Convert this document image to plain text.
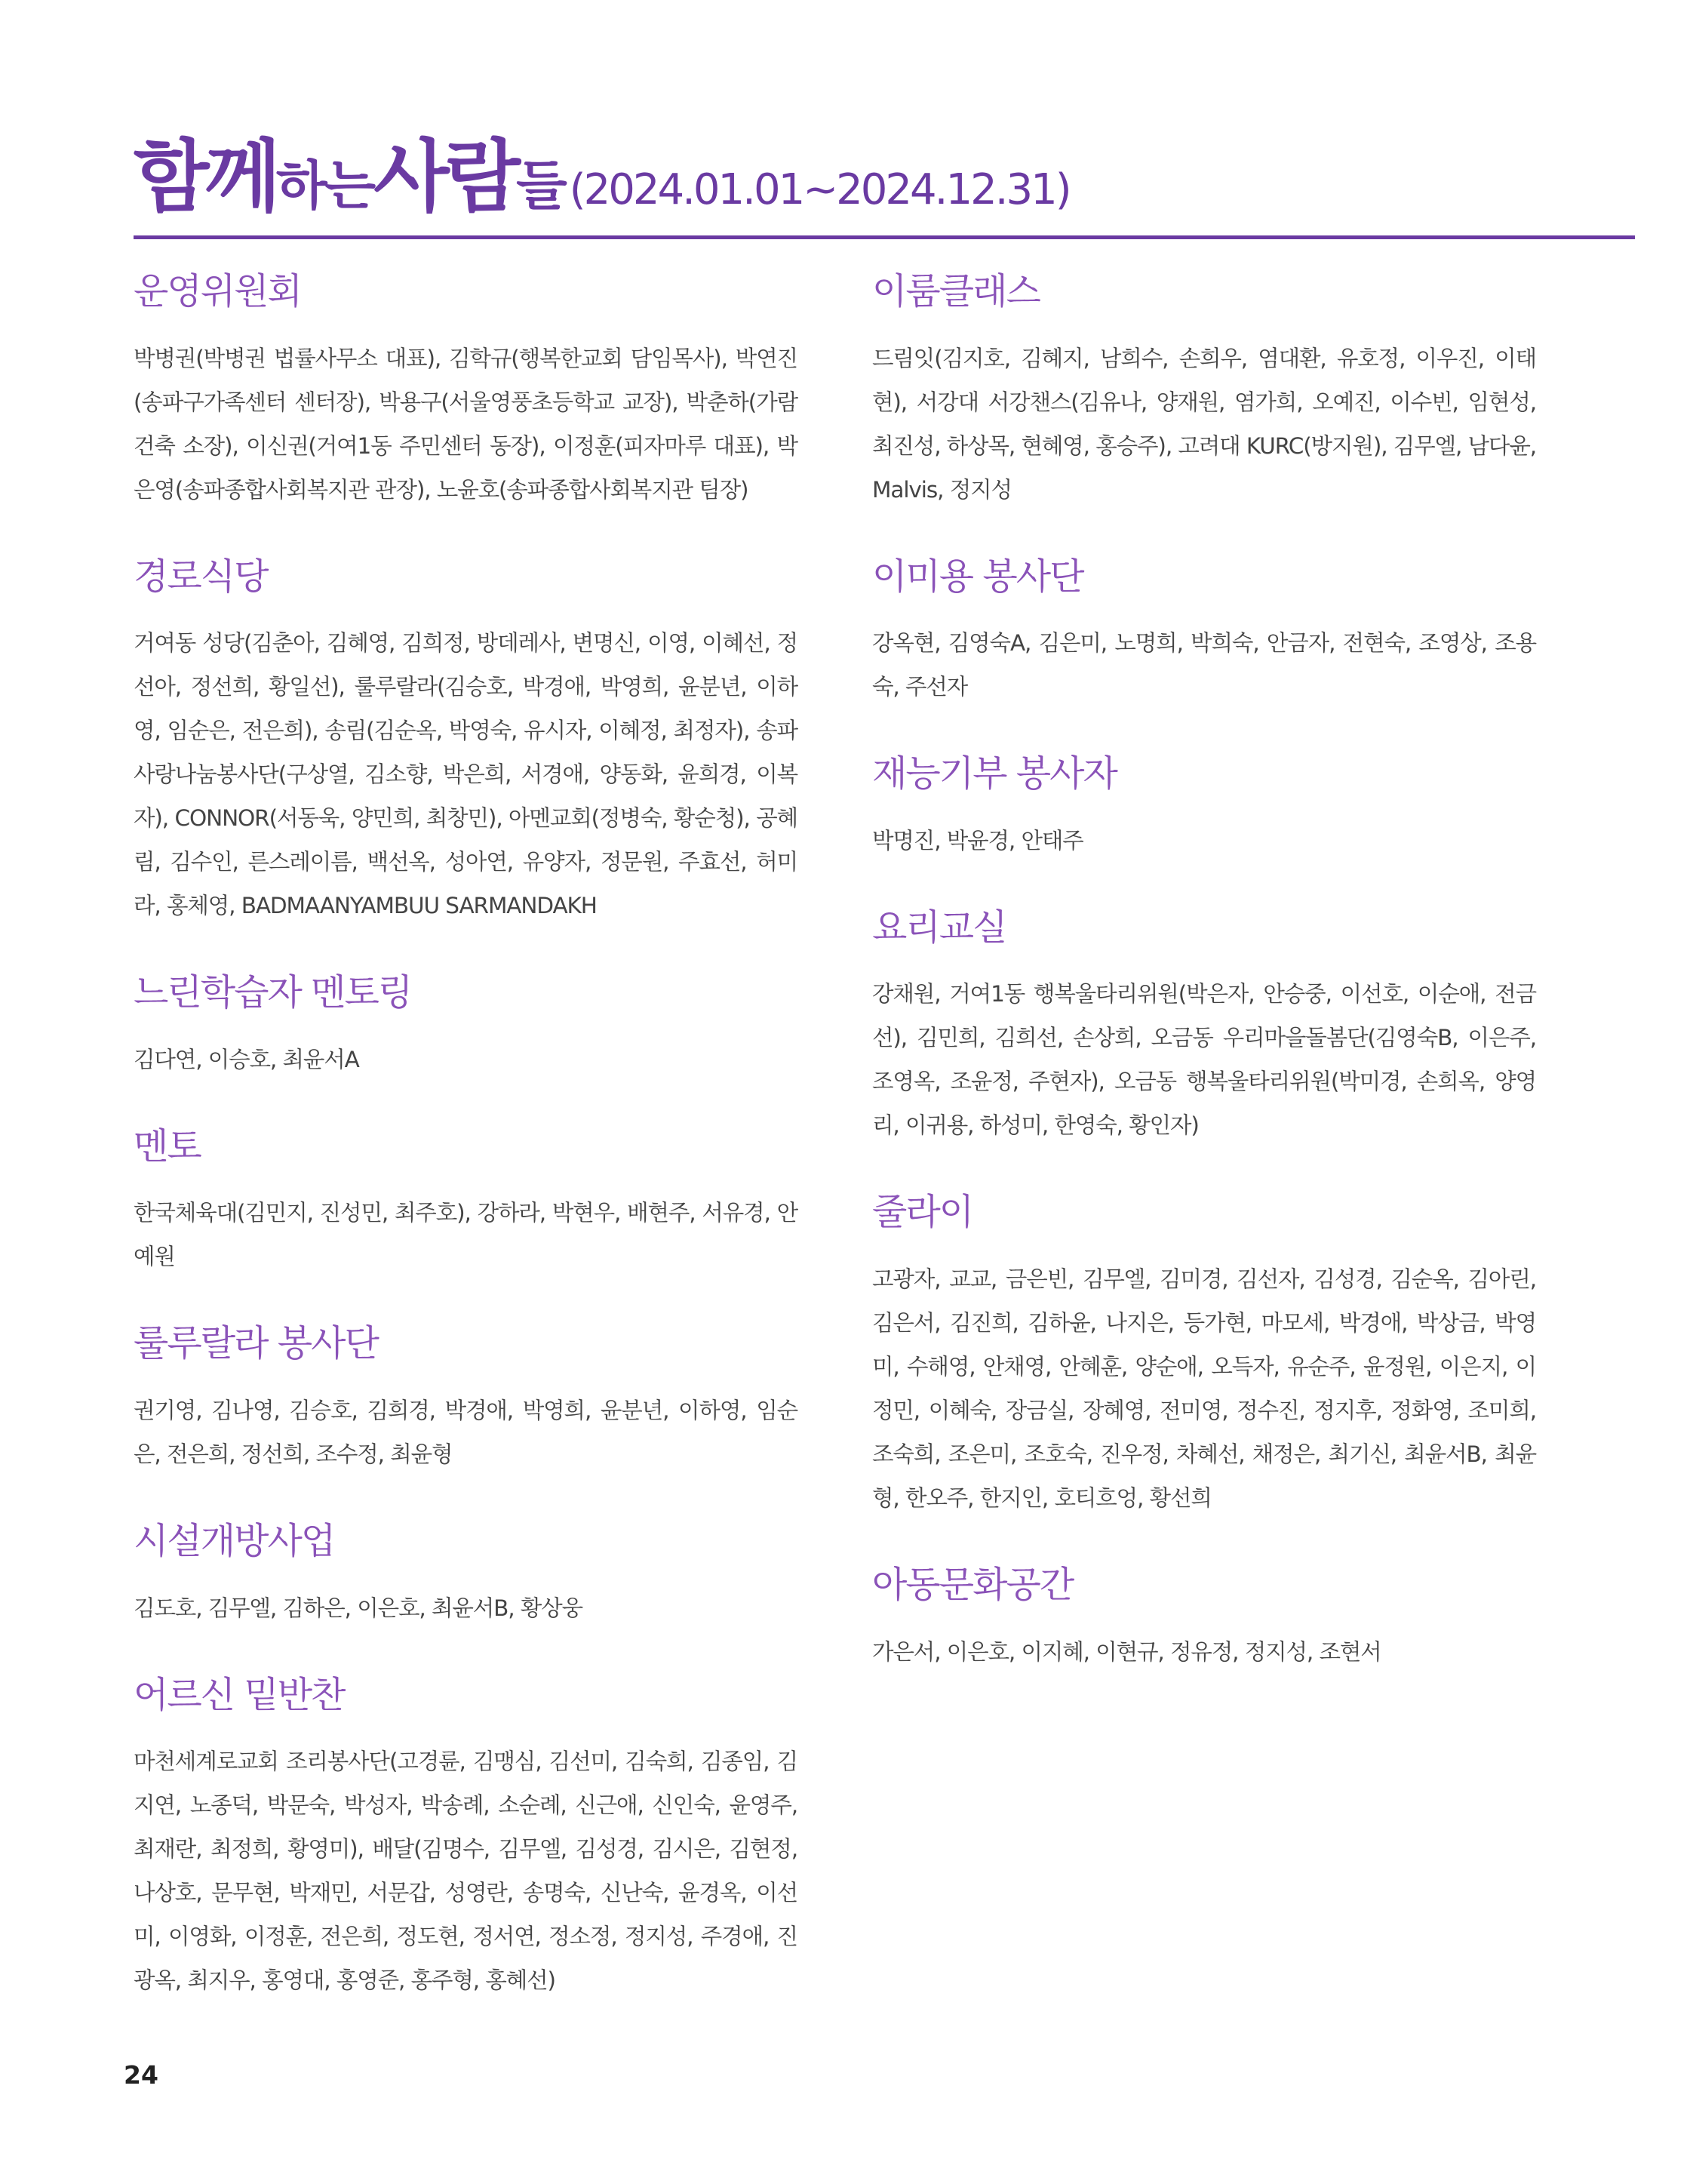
함께 하는 사람 들 (2024.01.01~2024.12.31)
운영위원회

박병권(박병권 법률사무소 대표), 김학규(행복한교회 담임목사), 박연진(송파구가족센터 센터장), 박용구(서울영풍초등학교 교장), 박춘하(가람건축 소장), 이신권(거여1동 주민센터 동장), 이정훈(피자마루 대표), 박은영(송파종합사회복지관 관장), 노윤호(송파종합사회복지관 팀장)

경로식당

거여동 성당(김춘아, 김혜영, 김희정, 방데레사, 변명신, 이영, 이혜선, 정선아, 정선희, 황일선), 룰루랄라(김승호, 박경애, 박영희, 윤분년, 이하영, 임순은, 전은희), 송림(김순옥, 박영숙, 유시자, 이혜정, 최정자), 송파사랑나눔봉사단(구상열, 김소향, 박은희, 서경애, 양동화, 윤희경, 이복자), CONNOR(서동욱, 양민희, 최창민), 아멘교회(정병숙, 황순청), 공혜림, 김수인, 른스레이름, 백선옥, 성아연, 유양자, 정문원, 주효선, 허미라, 홍체영, BADMAANYAMBUU SARMANDAKH

느린학습자 멘토링

김다연, 이승호, 최윤서A

멘토

한국체육대(김민지, 진성민, 최주호), 강하라, 박현우, 배현주, 서유경, 안예원

룰루랄라 봉사단

권기영, 김나영, 김승호, 김희경, 박경애, 박영희, 윤분년, 이하영, 임순은, 전은희, 정선희, 조수정, 최윤형

시설개방사업

김도호, 김무엘, 김하은, 이은호, 최윤서B, 황상웅

어르신 밑반찬

마천세계로교회 조리봉사단(고경륜, 김맹심, 김선미, 김숙희, 김종임, 김지연, 노종덕, 박문숙, 박성자, 박송례, 소순례, 신근애, 신인숙, 윤영주, 최재란, 최정희, 황영미), 배달(김명수, 김무엘, 김성경, 김시은, 김현정, 나상호, 문무현, 박재민, 서문갑, 성영란, 송명숙, 신난숙, 윤경옥, 이선미, 이영화, 이정훈, 전은희, 정도현, 정서연, 정소정, 정지성, 주경애, 진광옥, 최지우, 홍영대, 홍영준, 홍주형, 홍혜선)

이룸클래스

드림잇(김지호, 김혜지, 남희수, 손희우, 염대환, 유호정, 이우진, 이태현), 서강대 서강챈스(김유나, 양재원, 염가희, 오예진, 이수빈, 임현성, 최진성, 하상목, 현혜영, 홍승주), 고려대 KURC(방지원), 김무엘, 남다윤, Malvis, 정지성

이미용 봉사단

강옥현, 김영숙A, 김은미, 노명희, 박희숙, 안금자, 전현숙, 조영상, 조용숙, 주선자

재능기부 봉사자

박명진, 박윤경, 안태주

요리교실

강채원, 거여1동 행복울타리위원(박은자, 안승중, 이선호, 이순애, 전금선), 김민희, 김희선, 손상희, 오금동 우리마을돌봄단(김영숙B, 이은주, 조영옥, 조윤정, 주현자), 오금동 행복울타리위원(박미경, 손희옥, 양영리, 이귀용, 하성미, 한영숙, 황인자)

줄라이

고광자, 교교, 금은빈, 김무엘, 김미경, 김선자, 김성경, 김순옥, 김아린, 김은서, 김진희, 김하윤, 나지은, 등가현, 마모세, 박경애, 박상금, 박영미, 수해영, 안채영, 안혜훈, 양순애, 오득자, 유순주, 윤정원, 이은지, 이정민, 이혜숙, 장금실, 장혜영, 전미영, 정수진, 정지후, 정화영, 조미희, 조숙희, 조은미, 조호숙, 진우정, 차혜선, 채정은, 최기신, 최윤서B, 최윤형, 한오주, 한지인, 호티흐엉, 황선희

아동문화공간

가은서, 이은호, 이지혜, 이현규, 정유정, 정지성, 조현서

24
